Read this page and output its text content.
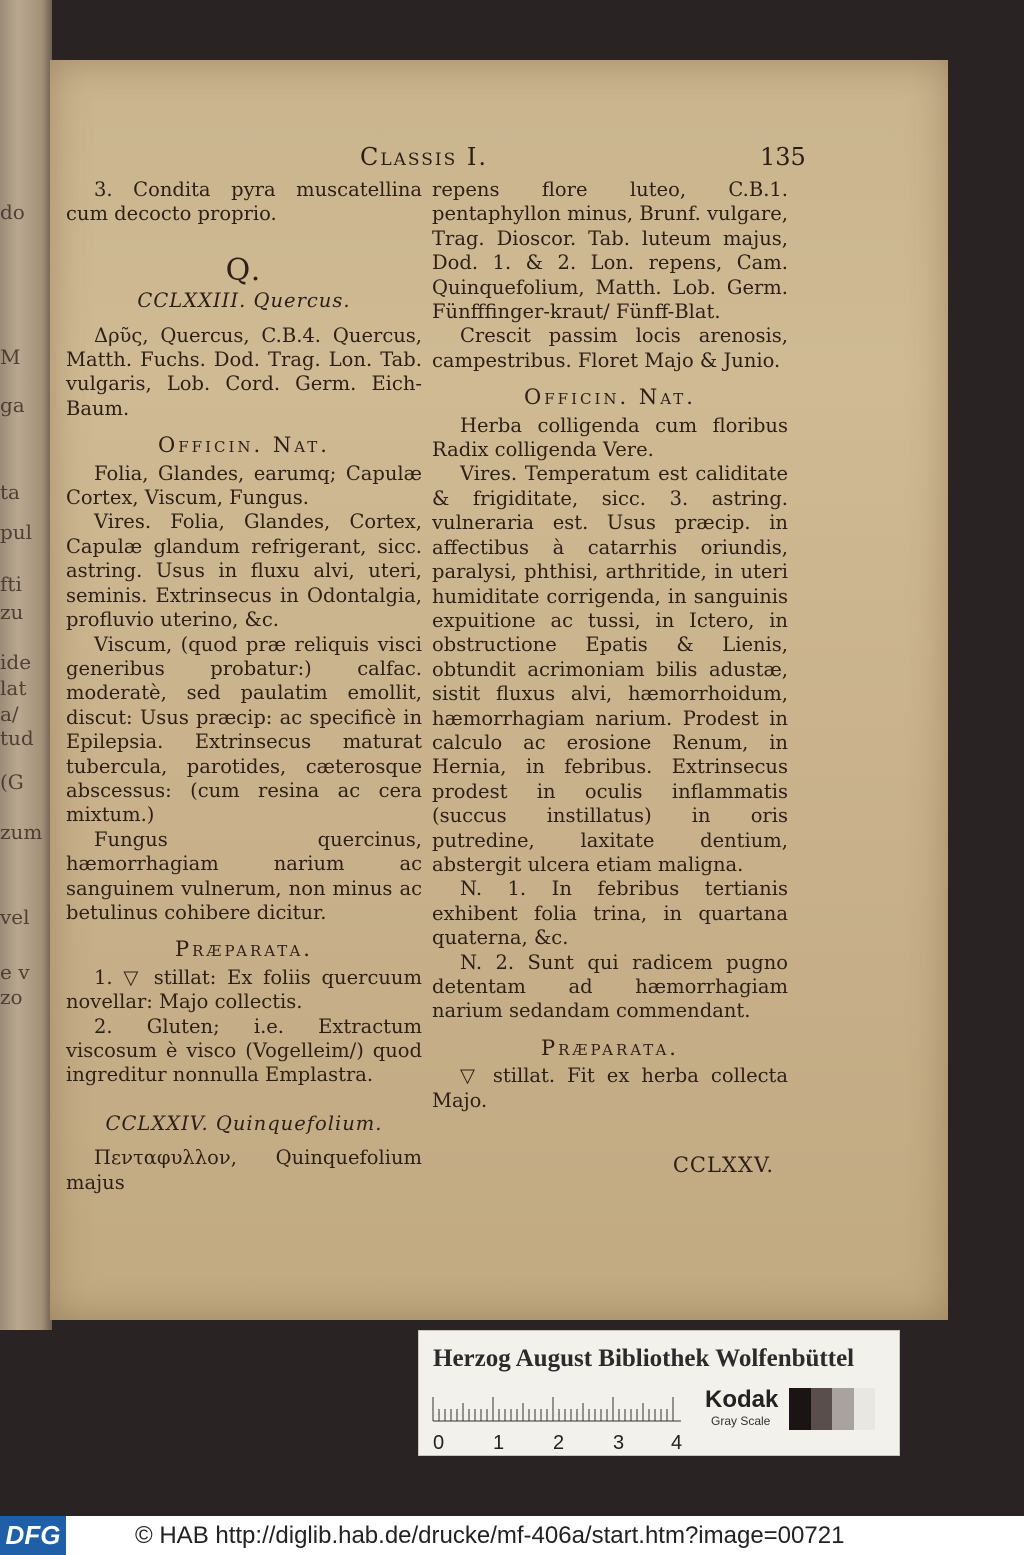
do
M
ga
ta
pul
fti
zu
ide
lat
a/
tud
(G
zum
vel
e v
zo
Classis I.	135

3. Condita pyra muscatellina cum decocto proprio.

Q.
CCLXXIII. Quercus.

Δρῦς, Quercus, C.B.4. Quercus, Matth. Fuchs. Dod. Trag. Lon. Tab. vulgaris, Lob. Cord. Germ. Eich-Baum.

Officin. Nat.

Folia, Glandes, earumq; Capulæ Cortex, Viscum, Fungus.

Vires. Folia, Glandes, Cortex, Capulæ glandum refrigerant, sicc. astring. Usus in fluxu alvi, uteri, seminis. Extrinsecus in Odontalgia, profluvio uterino, &c.

Viscum, (quod præ reliquis visci generibus probatur:) calfac. moderatè, sed paulatim emollit, discut: Usus præcip: ac specificè in Epilepsia. Extrinsecus maturat tubercula, parotides, cæterosque abscessus: (cum resina ac cera mixtum.)

Fungus quercinus, hæmorrhagiam narium ac sanguinem vulnerum, non minus ac betulinus cohibere dicitur.

Præparata.

1. ▽ stillat: Ex foliis quercuum novellar: Majo collectis.

2. Gluten; i.e. Extractum viscosum è visco (Vogelleim/) quod ingreditur nonnulla Emplastra.

CCLXXIV. Quinquefolium.

Πενταφυλλον, Quinquefolium majus

repens flore luteo, C.B.1. pentaphyllon minus, Brunf. vulgare, Trag. Dioscor. Tab. luteum majus, Dod. 1. & 2. Lon. repens, Cam. Quinquefolium, Matth. Lob. Germ. Fünfffinger-kraut/ Fünff-Blat.

Crescit passim locis arenosis, campestribus. Floret Majo & Junio.

Officin. Nat.

Herba colligenda cum floribus Radix colligenda Vere.

Vires. Temperatum est caliditate & frigiditate, sicc. 3. astring. vulneraria est. Usus præcip. in affectibus à catarrhis oriundis, paralysi, phthisi, arthritide, in uteri humiditate corrigenda, in sanguinis expuitione ac tussi, in Ictero, in obstructione Epatis & Lienis, obtundit acrimoniam bilis adustæ, sistit fluxus alvi, hæmorrhoidum, hæmorrhagiam narium. Prodest in calculo ac erosione Renum, in Hernia, in febribus. Extrinsecus prodest in oculis inflammatis (succus instillatus) in oris putredine, laxitate dentium, abstergit ulcera etiam maligna.

N. 1. In febribus tertianis exhibent folia trina, in quartana quaterna, &c.

N. 2. Sunt qui radicem pugno detentam ad hæmorrhagiam narium sedandam commendant.

Præparata.

▽ stillat. Fit ex herba collecta Majo.

CCLXXV.
Herzog August Bibliothek Wolfenbüttel
0 1 2 3 4
Kodak
Gray Scale
DFG	© HAB http://diglib.hab.de/drucke/mf-406a/start.htm?image=00721
